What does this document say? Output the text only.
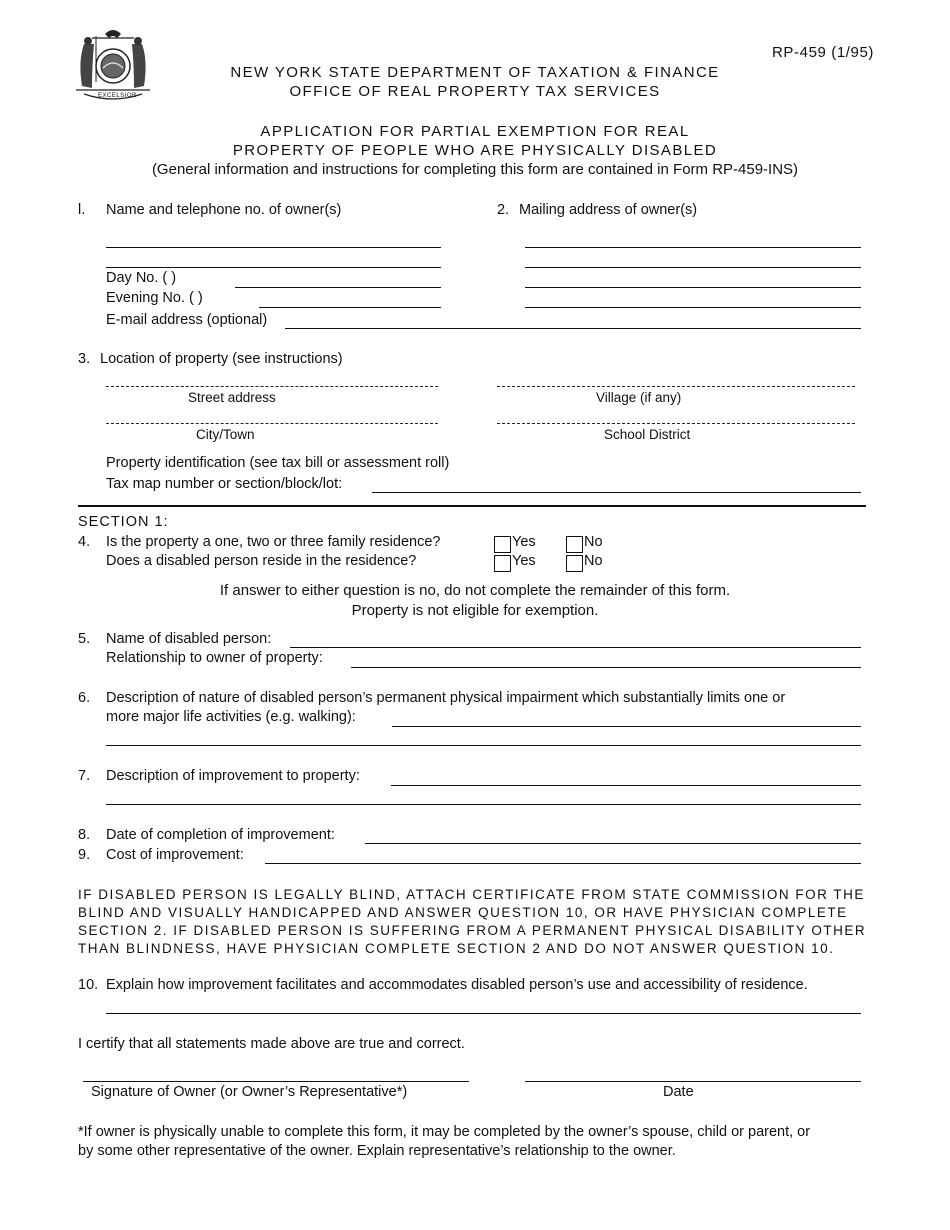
EXCELSIOR
RP-459 (1/95)
NEW YORK STATE DEPARTMENT OF TAXATION & FINANCE
OFFICE OF REAL PROPERTY TAX SERVICES
APPLICATION FOR PARTIAL EXEMPTION FOR REAL
PROPERTY OF PEOPLE WHO ARE PHYSICALLY DISABLED
(General information and instructions for completing this form are contained in Form RP-459-INS)
l. Name and telephone no. of owner(s)
Day No. ( )
Evening No. ( )
E-mail address (optional)
2. Mailing address of owner(s)
3. Location of property (see instructions)
Street address	Village (if any)
City/Town	School District
Property identification (see tax bill or assessment roll)
Tax map number or section/block/lot:
SECTION 1:
4. Is the property a one, two or three family residence?
Does a disabled person reside in the residence?
Yes	No
Yes	No
If answer to either question is no, do not complete the remainder of this form.
Property is not eligible for exemption.
5. Name of disabled person:
Relationship to owner of property:
6. Description of nature of disabled person’s permanent physical impairment which substantially limits one or
more major life activities (e.g. walking):
7. Description of improvement to property:
8. Date of completion of improvement:
9. Cost of improvement:
IF DISABLED PERSON IS LEGALLY BLIND, ATTACH CERTIFICATE FROM STATE COMMISSION FOR THE
BLIND AND VISUALLY HANDICAPPED AND ANSWER QUESTION 10, OR HAVE PHYSICIAN COMPLETE
SECTION 2. IF DISABLED PERSON IS SUFFERING FROM A PERMANENT PHYSICAL DISABILITY OTHER
THAN BLINDNESS, HAVE PHYSICIAN COMPLETE SECTION 2 AND DO NOT ANSWER QUESTION 10.
10. Explain how improvement facilitates and accommodates disabled person’s use and accessibility of residence.
I certify that all statements made above are true and correct.
Signature of Owner (or Owner’s Representative*)	Date
*If owner is physically unable to complete this form, it may be completed by the owner’s spouse, child or parent, or
by some other representative of the owner. Explain representative’s relationship to the owner.
